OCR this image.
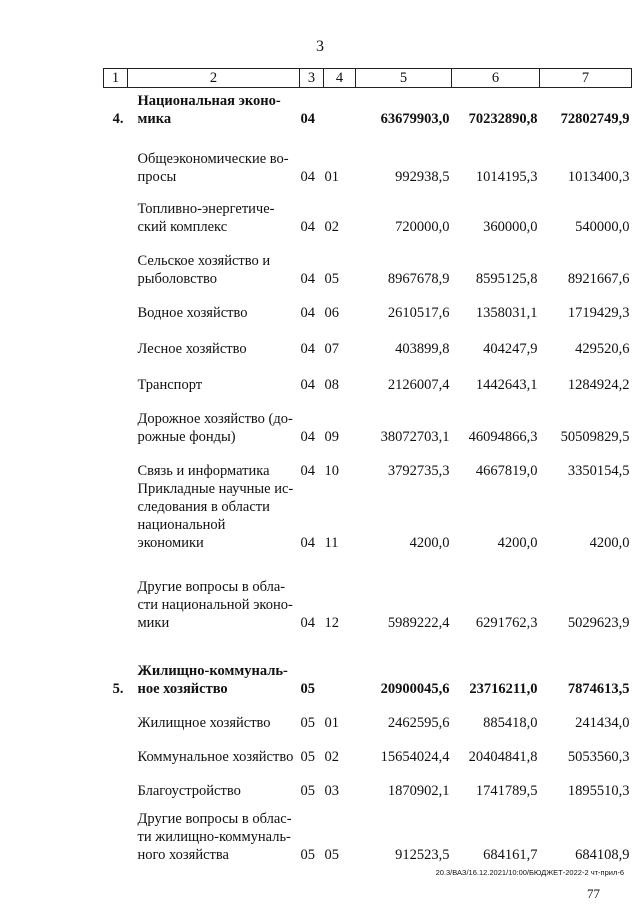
3
1	2	3	4	5	6	7
4.	Национальная эконо-
мика	04		63679903,0	70232890,8	72802749,9

	Общеэкономические во-
просы	04	01	992938,5	1014195,3	1013400,3

	Топливно-энергетиче-
ский комплекс	04	02	720000,0	360000,0	540000,0

	Сельское хозяйство и
рыболовство	04	05	8967678,9	8595125,8	8921667,6

	Водное хозяйство	04	06	2610517,6	1358031,1	1719429,3

	Лесное хозяйство	04	07	403899,8	404247,9	429520,6

	Транспорт	04	08	2126007,4	1442643,1	1284924,2

	Дорожное хозяйство (до-
рожные фонды)	04	09	38072703,1	46094866,3	50509829,5

	Связь и информатика	04	10	3792735,3	4667819,0	3350154,5

	Прикладные научные ис-
следования в области
национальной экономики	04	11	4200,0	4200,0	4200,0

	Другие вопросы в обла-
сти национальной эконо-
мики	04	12	5989222,4	6291762,3	5029623,9
5.	Жилищно-коммуналь-
ное хозяйство	05		20900045,6	23716211,0	7874613,5

	Жилищное хозяйство	05	01	2462595,6	885418,0	241434,0

	Коммунальное хозяйство	05	02	15654024,4	20404841,8	5053560,3

	Благоустройство	05	03	1870902,1	1741789,5	1895510,3

	Другие вопросы в облас-
ти жилищно-коммуналь-
ного хозяйства	05	05	912523,5	684161,7	684108,9
20.3/ВАЗ/16.12.2021/10:00/БЮДЖЕТ-2022-2 чт-прил-6
77
